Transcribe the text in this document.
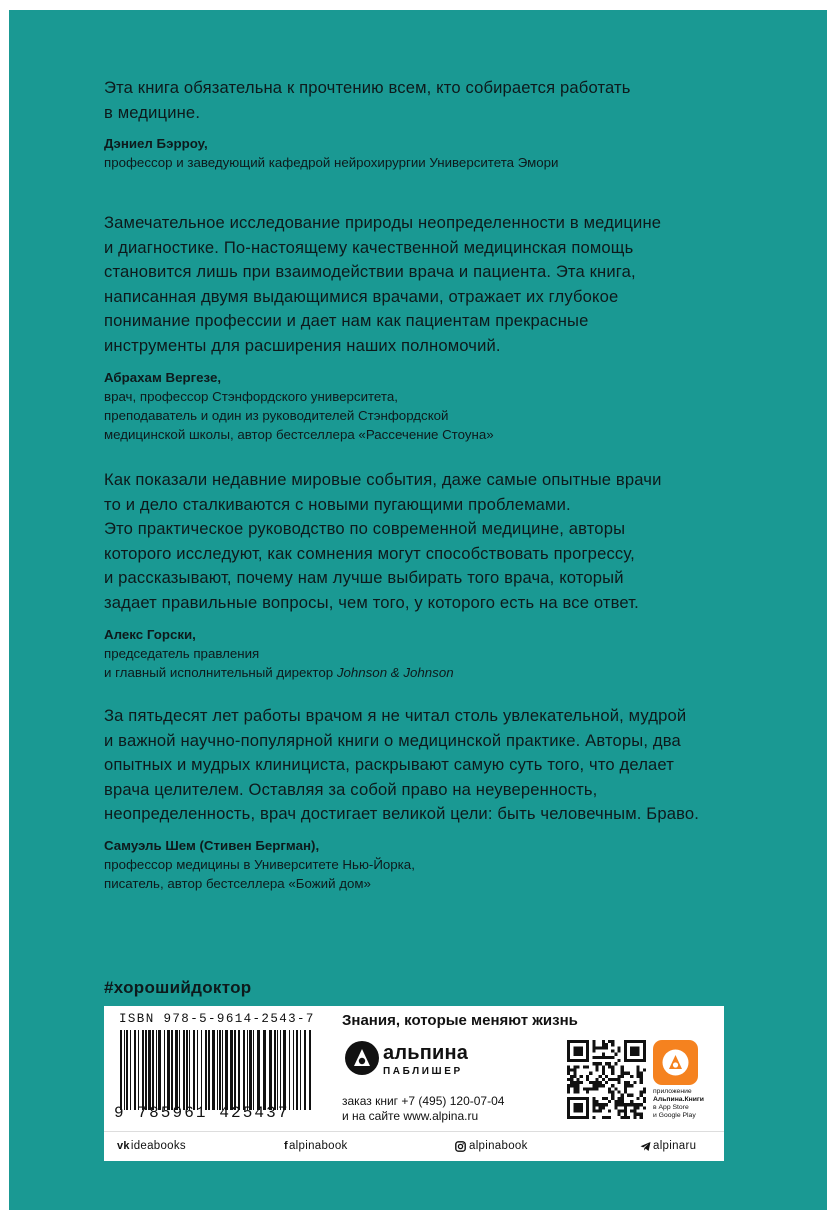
Эта книга обязательна к прочтению всем, кто собирается работать
в медицине.
Дэниел Бэрроу,
профессор и заведующий кафедрой нейрохирургии Университета Эмори
Замечательное исследование природы неопределенности в медицине
и диагностике. По-настоящему качественной медицинская помощь
становится лишь при взаимодействии врача и пациента. Эта книга,
написанная двумя выдающимися врачами, отражает их глубокое
понимание профессии и дает нам как пациентам прекрасные
инструменты для расширения наших полномочий.
Абрахам Вергезе,
врач, профессор Стэнфордского университета,
преподаватель и один из руководителей Стэнфордской
медицинской школы, автор бестселлера «Рассечение Стоуна»
Как показали недавние мировые события, даже самые опытные врачи
то и дело сталкиваются с новыми пугающими проблемами.
Это практическое руководство по современной медицине, авторы
которого исследуют, как сомнения могут способствовать прогрессу,
и рассказывают, почему нам лучше выбирать того врача, который
задает правильные вопросы, чем того, у которого есть на все ответ.
Алекс Горски,
председатель правления
и главный исполнительный директор Johnson & Johnson
За пятьдесят лет работы врачом я не читал столь увлекательной, мудрой
и важной научно-популярной книги о медицинской практике. Авторы, два
опытных и мудрых клинициста, раскрывают самую суть того, что делает
врача целителем. Оставляя за собой право на неуверенность,
неопределенность, врач достигает великой цели: быть человечным. Браво.
Самуэль Шем (Стивен Бергман),
профессор медицины в Университете Нью-Йорка,
писатель, автор бестселлера «Божий дом»
#хорошийдоктор
ISBN 978-5-9614-2543-7
9 785961 425437
Знания, которые меняют жизнь
альпина
ПАБЛИШЕР
заказ книг +7 (495) 120-07-04
и на сайте www.alpina.ru
приложение
Альпина.Книги
в App Store
и Google Play
vk ideabooks	f alpinabook	alpinabook	alpinaru
